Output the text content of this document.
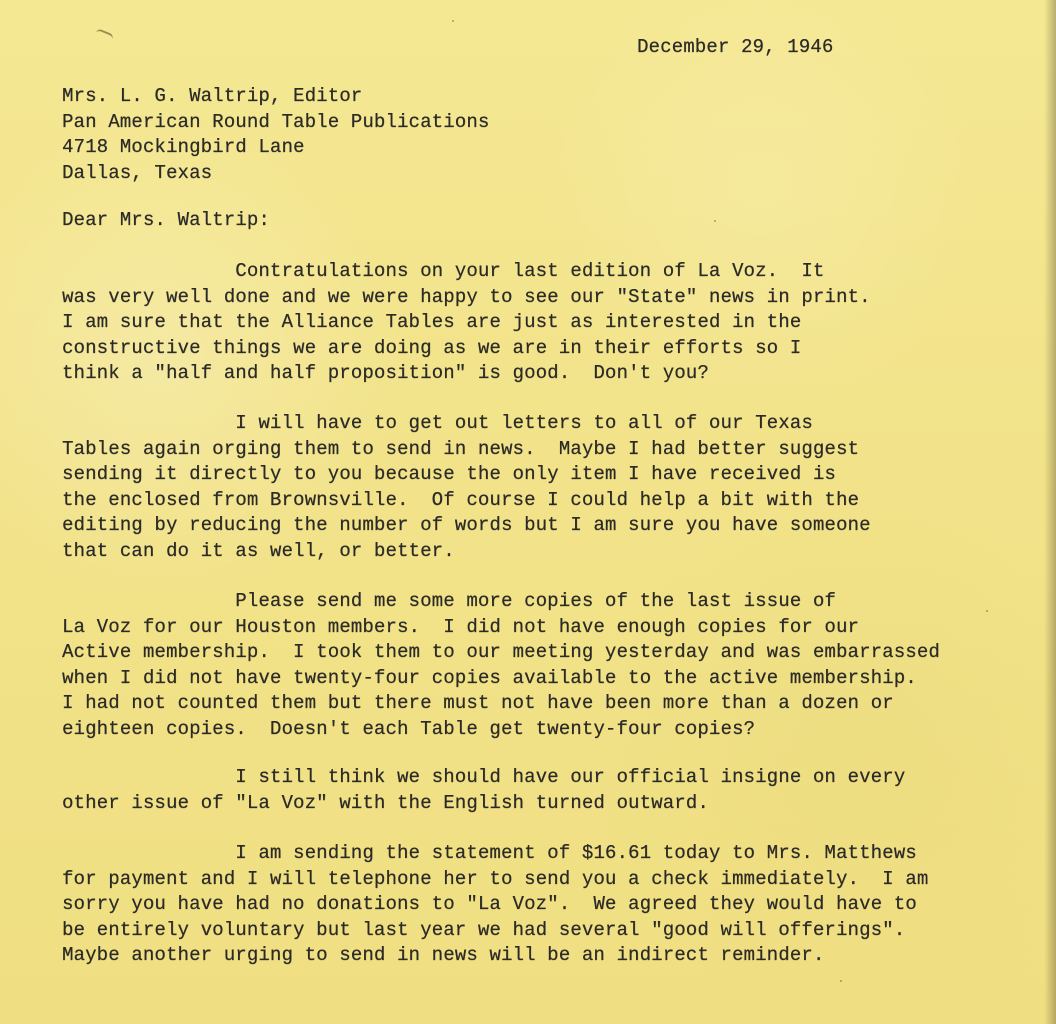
December 29, 1946
Mrs. L. G. Waltrip, Editor
Pan American Round Table Publications
4718 Mockingbird Lane
Dallas, Texas
Dear Mrs. Waltrip:
Contratulations on your last edition of La Voz.  It
was very well done and we were happy to see our "State" news in print.
I am sure that the Alliance Tables are just as interested in the
constructive things we are doing as we are in their efforts so I
think a "half and half proposition" is good.  Don't you?
I will have to get out letters to all of our Texas
Tables again orging them to send in news.  Maybe I had better suggest
sending it directly to you because the only item I have received is
the enclosed from Brownsville.  Of course I could help a bit with the
editing by reducing the number of words but I am sure you have someone
that can do it as well, or better.
Please send me some more copies of the last issue of
La Voz for our Houston members.  I did not have enough copies for our
Active membership.  I took them to our meeting yesterday and was embarrassed
when I did not have twenty-four copies available to the active membership.
I had not counted them but there must not have been more than a dozen or
eighteen copies.  Doesn't each Table get twenty-four copies?
I still think we should have our official insigne on every
other issue of "La Voz" with the English turned outward.
I am sending the statement of $16.61 today to Mrs. Matthews
for payment and I will telephone her to send you a check immediately.  I am
sorry you have had no donations to "La Voz".  We agreed they would have to
be entirely voluntary but last year we had several "good will offerings".
Maybe another urging to send in news will be an indirect reminder.
